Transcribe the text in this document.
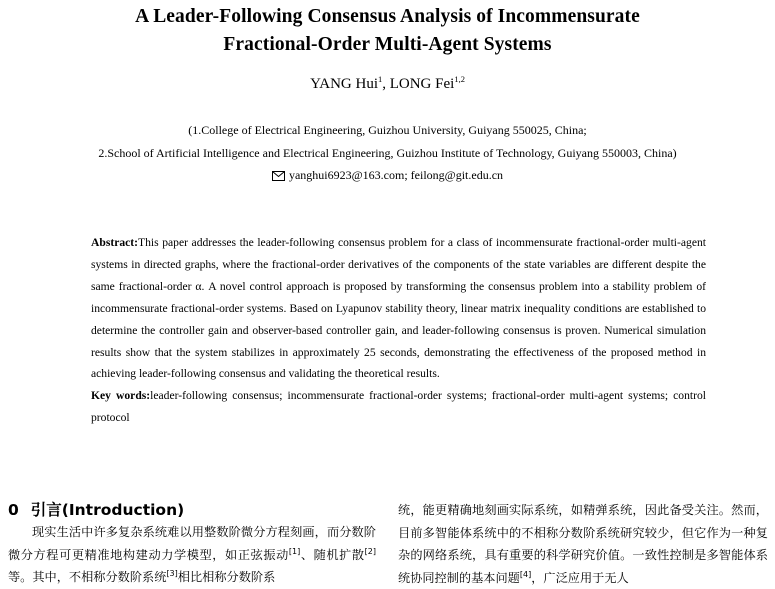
A Leader-Following Consensus Analysis of Incommensurate
Fractional-Order Multi-Agent Systems
YANG Hui$^1$, LONG Fei$^{1,2}$
(1.College of Electrical Engineering, Guizhou University, Guiyang 550025, China;
2.School of Artificial Intelligence and Electrical Engineering, Guizhou Institute of Technology, Guiyang 550003, China)
yanghui6923@163.com; feilong@git.edu.cn

Abstract:This paper addresses the leader-following consensus problem for a class of incommensurate fractional-order multi-agent systems in directed graphs, where the fractional-order derivatives of the components of the state variables are different despite the same fractional-order α. A novel control approach is proposed by transforming the consensus problem into a stability problem of incommensurate fractional-order systems. Based on Lyapunov stability theory, linear matrix inequality conditions are established to determine the controller gain and observer-based controller gain, and leader-following consensus is proven. Numerical simulation results show that the system stabilizes in approximately 25 seconds, demonstrating the effectiveness of the proposed method in achieving leader-following consensus and validating the theoretical results.

Key words:leader-following consensus; incommensurate fractional-order systems; fractional-order multi-agent systems; control protocol

0 引言(Introduction)

现实生活中许多复杂系统难以用整数阶微分方程刻画，而分数阶微分方程可更精准地构建动力学模型，如正弦振动[1]、随机扩散[2]等。其中，不相称分数阶系统[3]相比相称分数阶系

统，能更精确地刻画实际系统，如精弹系统，因此备受关注。然而，目前多智能体系统中的不相称分数阶系统研究较少，但它作为一种复杂的网络系统，具有重要的科学研究价值。一致性控制是多智能体系统协同控制的基本问题[4]，广泛应用于无人
